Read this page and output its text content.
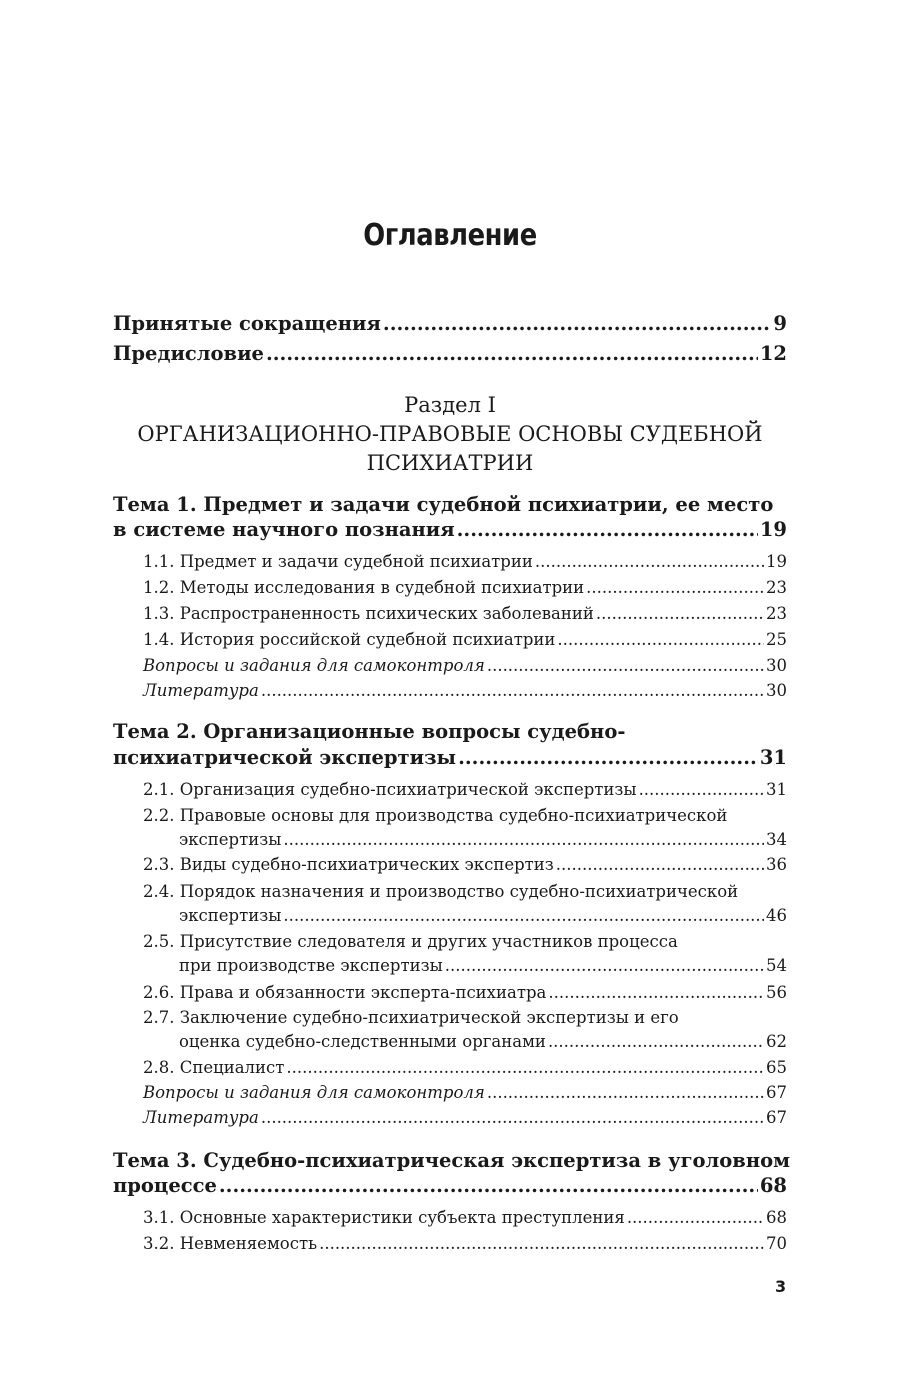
Оглавление
Принятые сокращения .....	9
Предисловие .....	12
Тема 1. Предмет и задачи судебной психиатрии, ее место
в системе научного познания .....	19
1.1. Предмет и задачи судебной психиатрии .....	19
1.2. Методы исследования в судебной психиатрии .....	23
1.3. Распространенность психических заболеваний .....	23
1.4. История российской судебной психиатрии .....	25
Вопросы и задания для самоконтроля .....	30
Литература .....	30
Тема 2. Организационные вопросы судебно-
психиатрической экспертизы .....	31
2.1. Организация судебно-психиатрической экспертизы .....	31
2.2. Правовые основы для производства судебно-психиатрической
экспертизы .....	34
2.3. Виды судебно-психиатрических экспертиз .....	36
2.4. Порядок назначения и производство судебно-психиатрической
экспертизы .....	46
2.5. Присутствие следователя и других участников процесса
при производстве экспертизы .....	54
2.6. Права и обязанности эксперта-психиатра .....	56
2.7. Заключение судебно-психиатрической экспертизы и его
оценка судебно-следственными органами .....	62
2.8. Специалист .....	65
Вопросы и задания для самоконтроля .....	67
Литература .....	67
Тема 3. Судебно-психиатрическая экспертиза в уголовном
процессе .....	68
3.1. Основные характеристики субъекта преступления .....	68
3.2. Невменяемость .....	70
Раздел I
ОРГАНИЗАЦИОННО-ПРАВОВЫЕ ОСНОВЫ СУДЕБНОЙ
ПСИХИАТРИИ
3
